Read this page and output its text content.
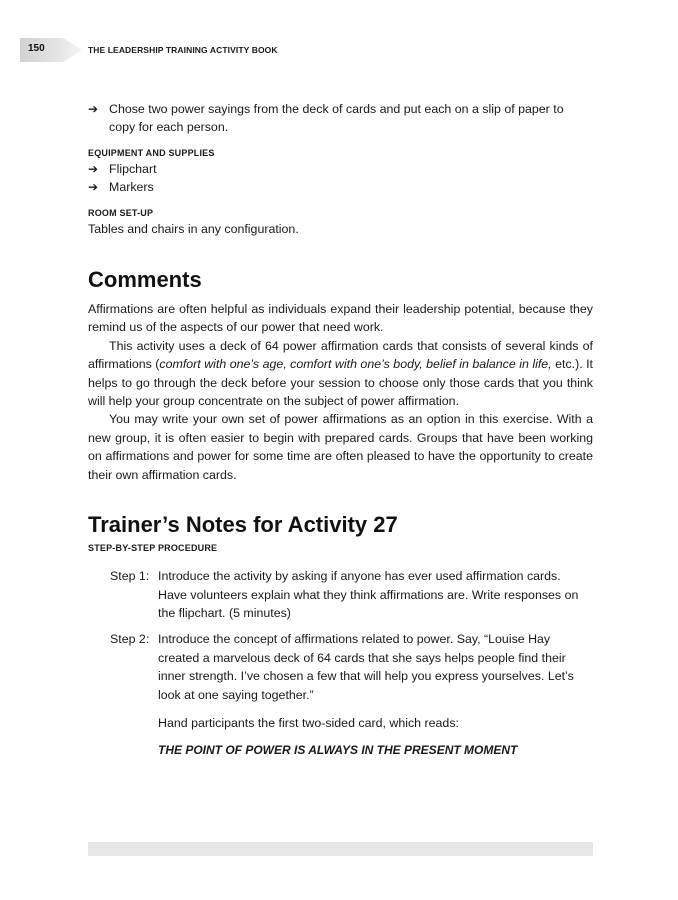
150	THE LEADERSHIP TRAINING ACTIVITY BOOK
➔ Chose two power sayings from the deck of cards and put each on a slip of paper to copy for each person.
EQUIPMENT AND SUPPLIES
➔ Flipchart
➔ Markers
ROOM SET-UP
Tables and chairs in any configuration.
Comments
Affirmations are often helpful as individuals expand their leadership potential, because they remind us of the aspects of our power that need work.
This activity uses a deck of 64 power affirmation cards that consists of several kinds of affirmations (comfort with one’s age, comfort with one’s body, belief in balance in life, etc.). It helps to go through the deck before your session to choose only those cards that you think will help your group concentrate on the subject of power affirmation.
You may write your own set of power affirmations as an option in this exercise. With a new group, it is often easier to begin with prepared cards. Groups that have been working on affirmations and power for some time are often pleased to have the opportunity to create their own affirmation cards.
Trainer’s Notes for Activity 27
STEP-BY-STEP PROCEDURE
Step 1: Introduce the activity by asking if anyone has ever used affirmation cards. Have volunteers explain what they think affirmations are. Write responses on the flipchart. (5 minutes)
Step 2: Introduce the concept of affirmations related to power. Say, “Louise Hay created a marvelous deck of 64 cards that she says helps people find their inner strength. I’ve chosen a few that will help you express yourselves. Let’s look at one saying together.”
Hand participants the first two-sided card, which reads:
THE POINT OF POWER IS ALWAYS IN THE PRESENT MOMENT
